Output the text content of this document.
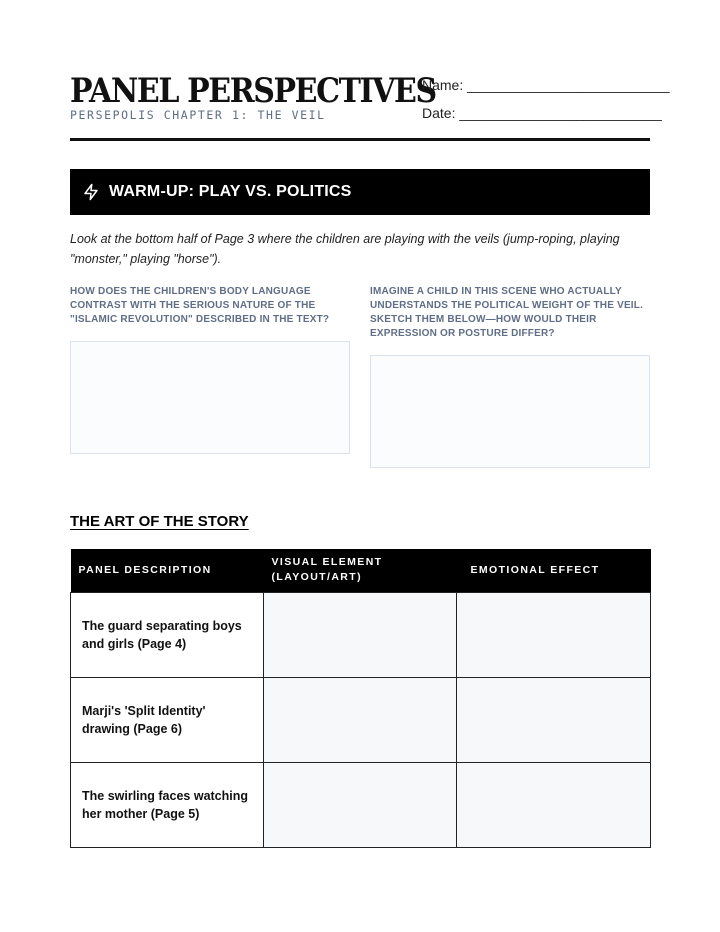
PANEL PERSPECTIVES
PERSEPOLIS CHAPTER 1: THE VEIL
Name: __________________________
Date: __________________________
WARM-UP: PLAY VS. POLITICS
Look at the bottom half of Page 3 where the children are playing with the veils (jump-roping, playing "monster," playing "horse").
HOW DOES THE CHILDREN'S BODY LANGUAGE CONTRAST WITH THE SERIOUS NATURE OF THE "ISLAMIC REVOLUTION" DESCRIBED IN THE TEXT?
IMAGINE A CHILD IN THIS SCENE WHO ACTUALLY UNDERSTANDS THE POLITICAL WEIGHT OF THE VEIL. SKETCH THEM BELOW—HOW WOULD THEIR EXPRESSION OR POSTURE DIFFER?
THE ART OF THE STORY
PANEL DESCRIPTION	VISUAL ELEMENT (LAYOUT/ART)	EMOTIONAL EFFECT
The guard separating boys and girls (Page 4)		
Marji's 'Split Identity' drawing (Page 6)		
The swirling faces watching her mother (Page 5)		
